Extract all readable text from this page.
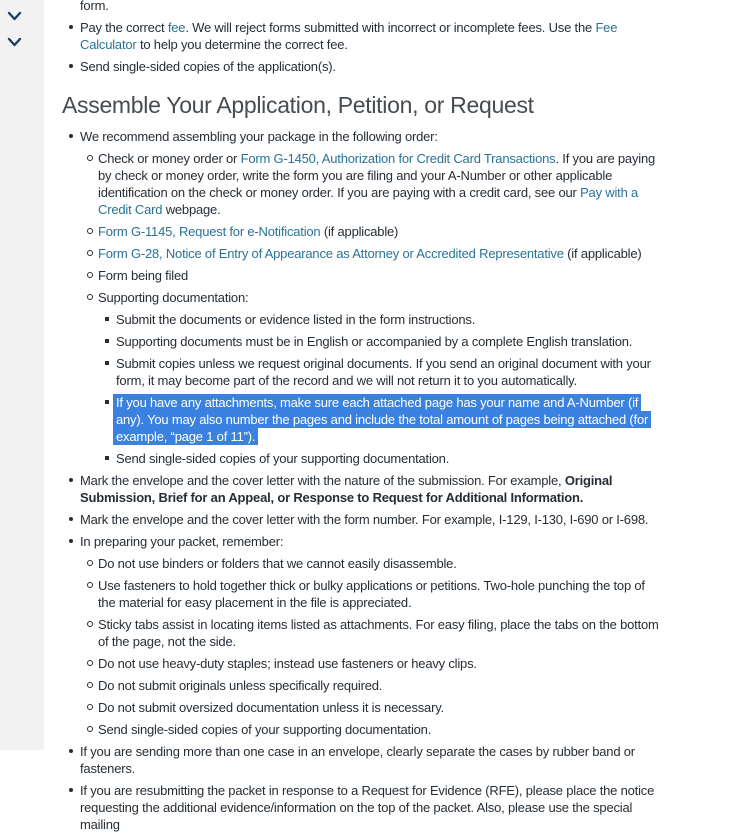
form.
Pay the correct fee. We will reject forms submitted with incorrect or incomplete fees. Use the Fee Calculator to help you determine the correct fee.
Send single-sided copies of the application(s).
Assemble Your Application, Petition, or Request
We recommend assembling your package in the following order:
Check or money order or Form G-1450, Authorization for Credit Card Transactions. If you are paying by check or money order, write the form you are filing and your A-Number or other applicable identification on the check or money order. If you are paying with a credit card, see our Pay with a Credit Card webpage.
Form G-1145, Request for e-Notification (if applicable)
Form G-28, Notice of Entry of Appearance as Attorney or Accredited Representative (if applicable)
Form being filed
Supporting documentation:
Submit the documents or evidence listed in the form instructions.
Supporting documents must be in English or accompanied by a complete English translation.
Submit copies unless we request original documents. If you send an original document with your form, it may become part of the record and we will not return it to you automatically.
If you have any attachments, make sure each attached page has your name and A-Number (if any). You may also number the pages and include the total amount of pages being attached (for example, “page 1 of 11”).
Send single-sided copies of your supporting documentation.
Mark the envelope and the cover letter with the nature of the submission. For example, Original Submission, Brief for an Appeal, or Response to Request for Additional Information.
Mark the envelope and the cover letter with the form number. For example, I-129, I-130, I-690 or I-698.
In preparing your packet, remember:
Do not use binders or folders that we cannot easily disassemble.
Use fasteners to hold together thick or bulky applications or petitions. Two-hole punching the top of the material for easy placement in the file is appreciated.
Sticky tabs assist in locating items listed as attachments. For easy filing, place the tabs on the bottom of the page, not the side.
Do not use heavy-duty staples; instead use fasteners or heavy clips.
Do not submit originals unless specifically required.
Do not submit oversized documentation unless it is necessary.
Send single-sided copies of your supporting documentation.
If you are sending more than one case in an envelope, clearly separate the cases by rubber band or fasteners.
If you are resubmitting the packet in response to a Request for Evidence (RFE), please place the notice requesting the additional evidence/information on the top of the packet. Also, please use the special mailing
